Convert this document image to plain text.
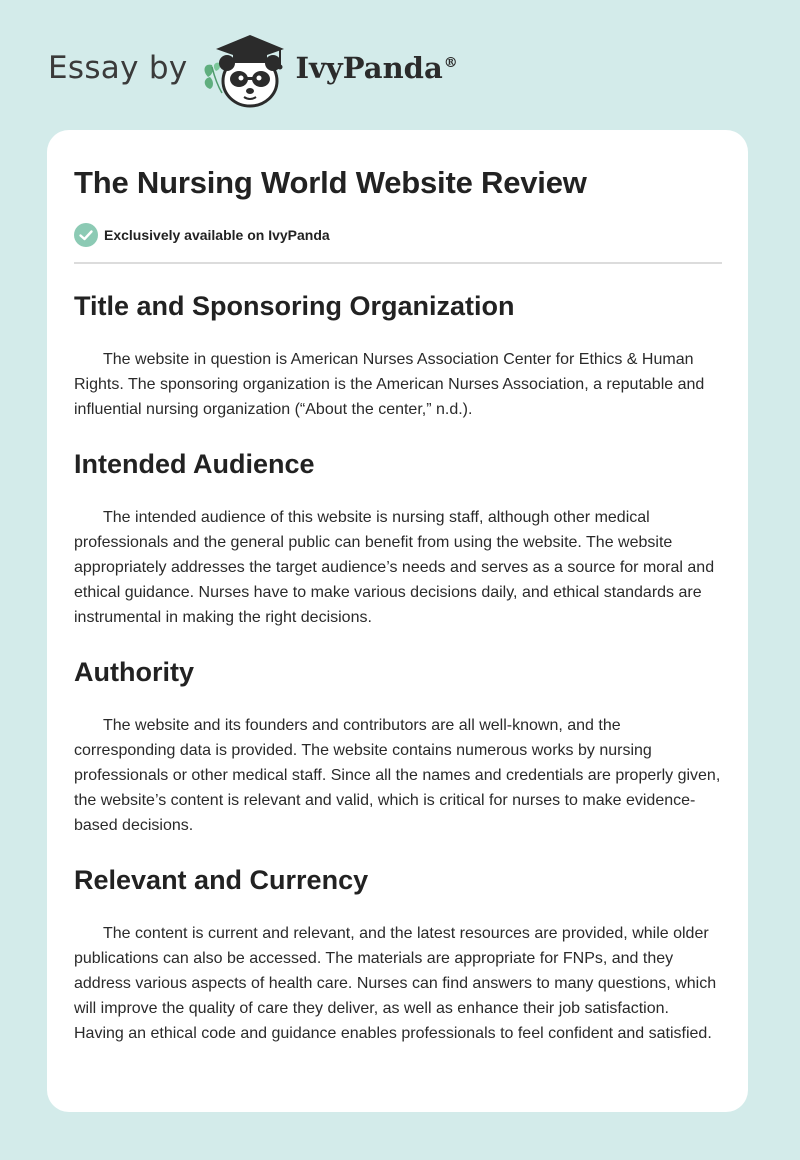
Essay by	IvyPanda®
The Nursing World Website Review
Exclusively available on IvyPanda
Title and Sponsoring Organization

The website in question is American Nurses Association Center for Ethics & Human Rights. The sponsoring organization is the American Nurses Association, a reputable and influential nursing organization (“About the center,” n.d.).

Intended Audience

The intended audience of this website is nursing staff, although other medical professionals and the general public can benefit from using the website. The website appropriately addresses the target audience’s needs and serves as a source for moral and ethical guidance. Nurses have to make various decisions daily, and ethical standards are instrumental in making the right decisions.

Authority

The website and its founders and contributors are all well-known, and the corresponding data is provided. The website contains numerous works by nursing professionals or other medical staff. Since all the names and credentials are properly given, the website’s content is relevant and valid, which is critical for nurses to make evidence-based decisions.

Relevant and Currency

The content is current and relevant, and the latest resources are provided, while older publications can also be accessed. The materials are appropriate for FNPs, and they address various aspects of health care. Nurses can find answers to many questions, which will improve the quality of care they deliver, as well as enhance their job satisfaction. Having an ethical code and guidance enables professionals to feel confident and satisfied.
